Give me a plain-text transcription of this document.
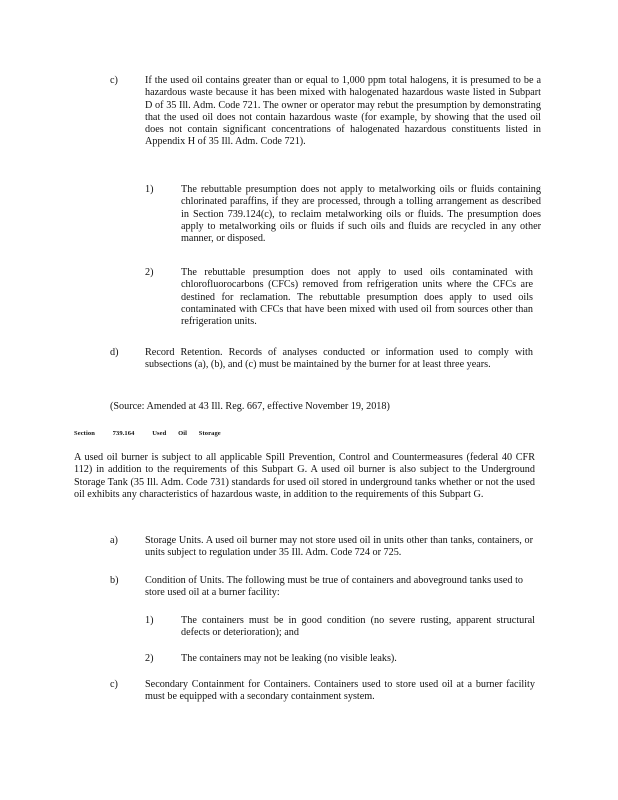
c)	If the used oil contains greater than or equal to 1,000 ppm total halogens, it is presumed to be a hazardous waste because it has been mixed with halogenated hazardous waste listed in Subpart D of 35 Ill. Adm. Code 721. The owner or operator may rebut the presumption by demonstrating that the used oil does not contain hazardous waste (for example, by showing that the used oil does not contain significant concentrations of halogenated hazardous constituents listed in Appendix H of 35 Ill. Adm. Code 721).
1)	The rebuttable presumption does not apply to metalworking oils or fluids containing chlorinated paraffins, if they are processed, through a tolling arrangement as described in Section 739.124(c), to reclaim metalworking oils or fluids. The presumption does apply to metalworking oils or fluids if such oils and fluids are recycled in any other manner, or disposed.
2)	The rebuttable presumption does not apply to used oils contaminated with chlorofluorocarbons (CFCs) removed from refrigeration units where the CFCs are destined for reclamation. The rebuttable presumption does apply to used oils contaminated with CFCs that have been mixed with used oil from sources other than refrigeration units.
d)	Record Retention. Records of analyses conducted or information used to comply with subsections (a), (b), and (c) must be maintained by the burner for at least three years.
(Source: Amended at 43 Ill. Reg. 667, effective November 19, 2018)
Section	739.164	Used Oil Storage
A used oil burner is subject to all applicable Spill Prevention, Control and Countermeasures (federal 40 CFR 112) in addition to the requirements of this Subpart G. A used oil burner is also subject to the Underground Storage Tank (35 Ill. Adm. Code 731) standards for used oil stored in underground tanks whether or not the used oil exhibits any characteristics of hazardous waste, in addition to the requirements of this Subpart G.
a)	Storage Units. A used oil burner may not store used oil in units other than tanks, containers, or units subject to regulation under 35 Ill. Adm. Code 724 or 725.
b)	Condition of Units. The following must be true of containers and aboveground tanks used to store used oil at a burner facility:
1)	The containers must be in good condition (no severe rusting, apparent structural defects or deterioration); and
2)	The containers may not be leaking (no visible leaks).
c)	Secondary Containment for Containers. Containers used to store used oil at a burner facility must be equipped with a secondary containment system.
